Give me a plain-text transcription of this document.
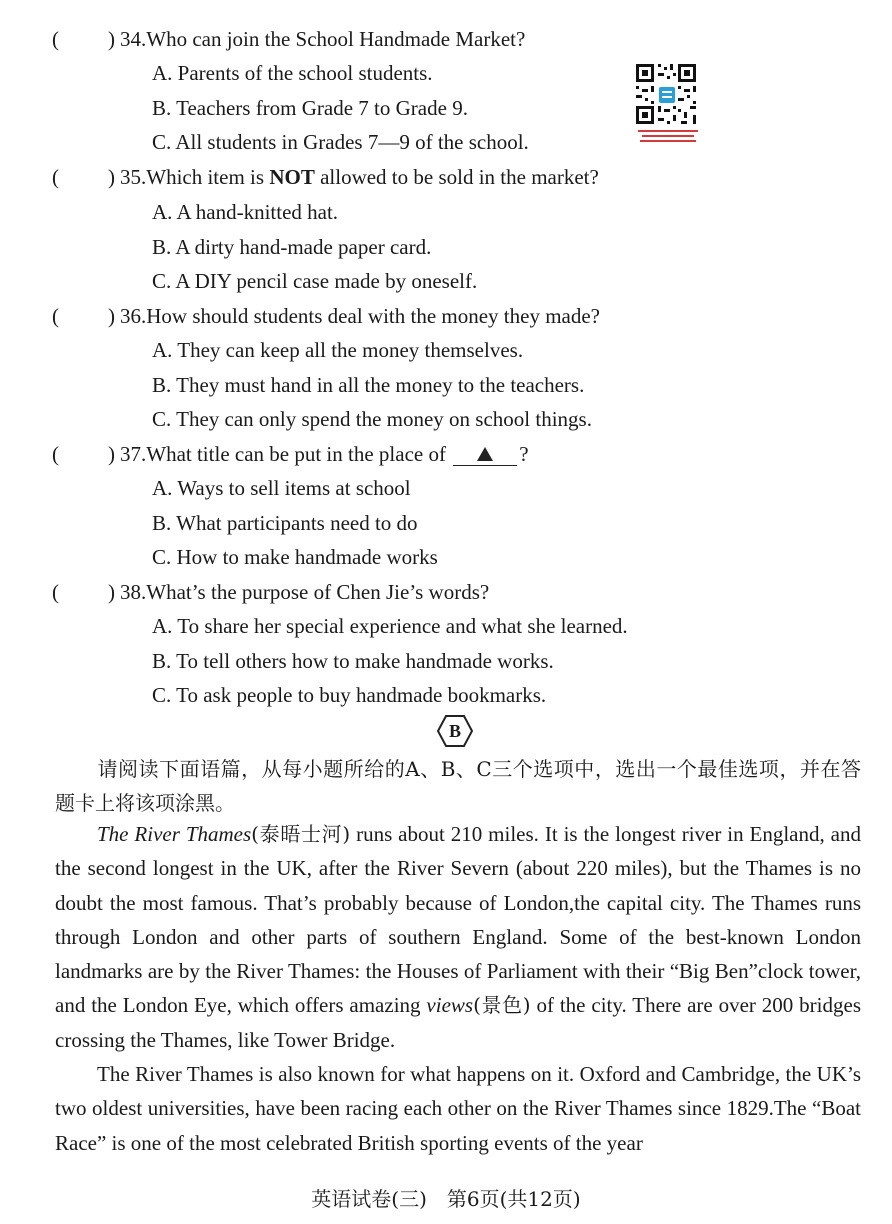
( ) 34.Who can join the School Handmade Market?
A. Parents of the school students.
B. Teachers from Grade 7 to Grade 9.
C. All students in Grades 7—9 of the school.
( ) 35.Which item is NOT allowed to be sold in the market?
A. A hand-knitted hat.
B. A dirty hand-made paper card.
C. A DIY pencil case made by oneself.
( ) 36.How should students deal with the money they made?
A. They can keep all the money themselves.
B. They must hand in all the money to the teachers.
C. They can only spend the money on school things.
( ) 37.What title can be put in the place of	?
A. Ways to sell items at school
B. What participants need to do
C. How to make handmade works
( ) 38.What’s the purpose of Chen Jie’s words?
A. To share her special experience and what she learned.
B. To tell others how to make handmade works.
C. To ask people to buy handmade bookmarks.
B
请阅读下面语篇，从每小题所给的A、B、C三个选项中，选出一个最佳选项，并在答题卡上将该项涂黑。
The River Thames(泰晤士河) runs about 210 miles. It is the longest river in England, and the second longest in the UK, after the River Severn (about 220 miles), but the Thames is no doubt the most famous. That’s probably because of London,the capital city. The Thames runs through London and other parts of southern England. Some of the best-known London landmarks are by the River Thames: the Houses of Parliament with their “Big Ben”clock tower, and the London Eye, which offers amazing views(景色) of the city. There are over 200 bridges crossing the Thames, like Tower Bridge.
The River Thames is also known for what happens on it. Oxford and Cambridge, the UK’s two oldest universities, have been racing each other on the River Thames since 1829.The “Boat Race” is one of the most celebrated British sporting events of the year
英语试卷(三)　第6页(共12页)
